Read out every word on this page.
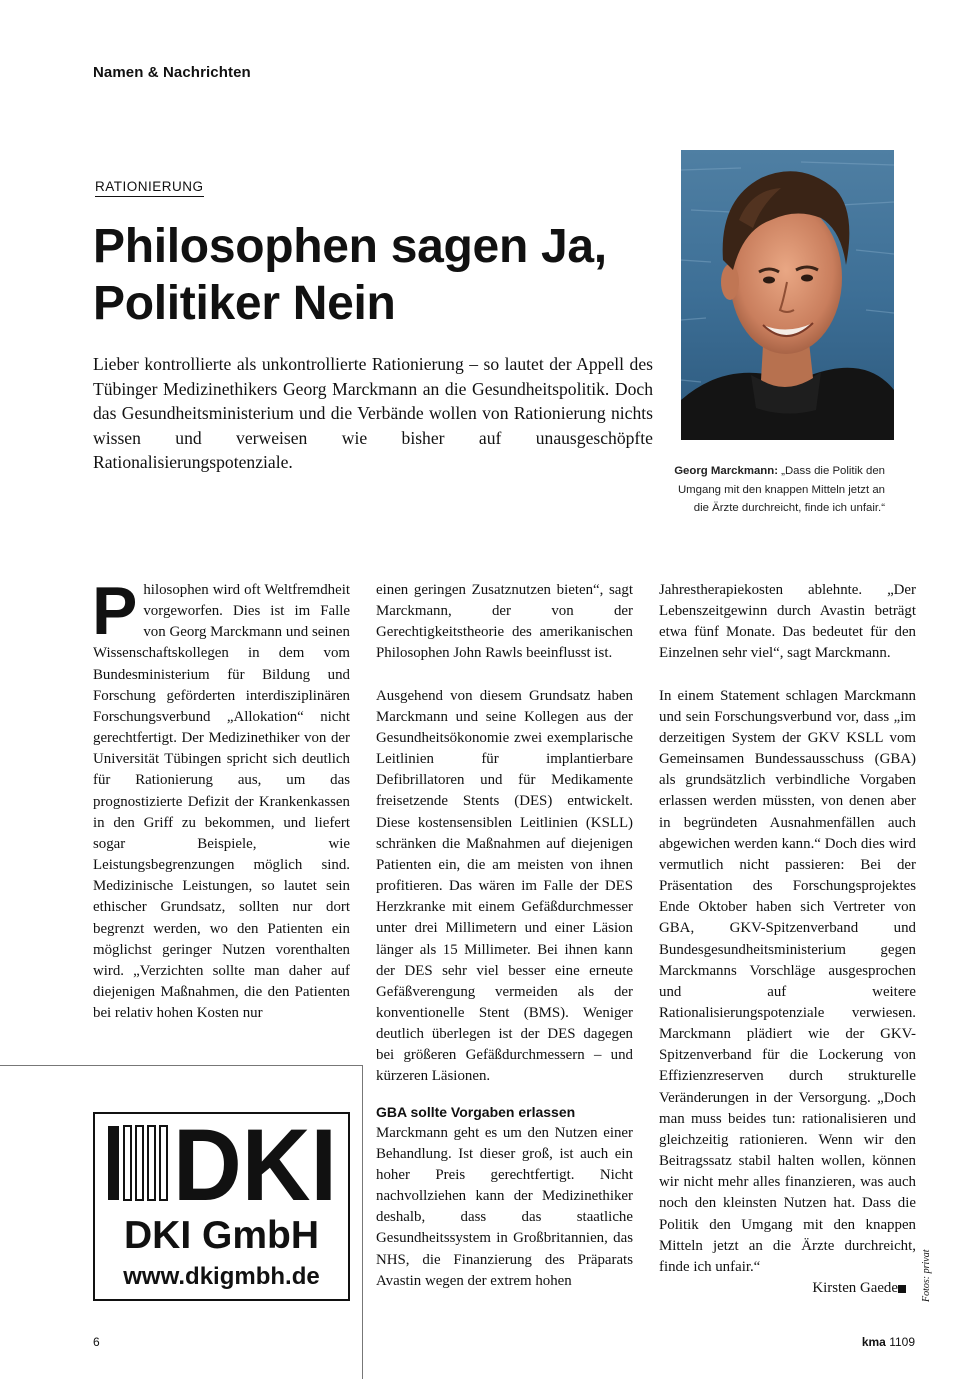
Namen & Nachrichten
RATIONIERUNG
Philosophen sagen Ja,
Politiker Nein

Lieber kontrollierte als unkontrollierte Rationierung – so lautet der Appell des Tübinger Medizinethikers Georg Marckmann an die Gesundheitspolitik. Doch das Gesundheitsministerium und die Verbände wollen von Rationierung nichts wissen und verweisen wie bisher auf unausgeschöpfte Rationalisierungspotenziale.	Georg Marckmann: „Dass die Politik den Umgang mit den knappen Mitteln jetzt an die Ärzte durchreicht, finde ich unfair.“

Philosophen wird oft Weltfremdheit vorgeworfen. Dies ist im Falle von Georg Marckmann und seinen Wissenschaftskollegen in dem vom Bundesministerium für Bildung und Forschung geförderten interdisziplinären Forschungsverbund „Allokation“ nicht gerechtfertigt. Der Medizinethiker von der Universität Tübingen spricht sich deutlich für Rationierung aus, um das prognostizierte Defizit der Krankenkassen in den Griff zu bekommen, und liefert sogar Beispiele, wie Leistungsbegrenzungen möglich sind. Medizinische Leistungen, so lautet sein ethischer Grundsatz, sollten nur dort begrenzt werden, wo den Patienten ein möglichst geringer Nutzen vorenthalten wird. „Verzichten sollte man daher auf diejenigen Maßnahmen, die den Patienten bei relativ hohen Kosten nur

einen geringen Zusatznutzen bieten“, sagt Marckmann, der von der Gerechtigkeitstheorie des amerikanischen Philosophen John Rawls beeinflusst ist.

Ausgehend von diesem Grundsatz haben Marckmann und seine Kollegen aus der Gesundheitsökonomie zwei exemplarische Leitlinien für implantierbare Defibrillatoren und für Medikamente freisetzende Stents (DES) entwickelt. Diese kostensensiblen Leitlinien (KSLL) schränken die Maßnahmen auf diejenigen Patienten ein, die am meisten von ihnen profitieren. Das wären im Falle der DES Herzkranke mit einem Gefäßdurchmesser unter drei Millimetern und einer Läsion länger als 15 Millimeter. Bei ihnen kann der DES sehr viel besser eine erneute Gefäßverengung vermeiden als der konventionelle Stent (BMS). Weniger deutlich überlegen ist der DES dagegen bei größeren Gefäßdurchmessern – und kürzeren Läsionen.

GBA sollte Vorgaben erlassen

Marckmann geht es um den Nutzen einer Behandlung. Ist dieser groß, ist auch ein hoher Preis gerechtfertigt. Nicht nachvollziehen kann der Medizinethiker deshalb, dass das staatliche Gesundheitssystem in Großbritannien, das NHS, die Finanzierung des Präparats Avastin wegen der extrem hohen

Jahrestherapiekosten ablehnte. „Der Lebenszeitgewinn durch Avastin beträgt etwa fünf Monate. Das bedeutet für den Einzelnen sehr viel“, sagt Marckmann.

In einem Statement schlagen Marckmann und sein Forschungsverbund vor, dass „im derzeitigen System der GKV KSLL vom Gemeinsamen Bundessausschuss (GBA) als grundsätzlich verbindliche Vorgaben erlassen werden müssten, von denen aber in begründeten Ausnahmenfällen auch abgewichen werden kann.“ Doch dies wird vermutlich nicht passieren: Bei der Präsentation des Forschungsprojektes Ende Oktober haben sich Vertreter von GBA, GKV-Spitzenverband und Bundesgesundheitsministerium gegen Marckmanns Vorschläge ausgesprochen und auf weitere Rationalisierungspotenziale verwiesen. Marckmann plädiert wie der GKV-Spitzenverband für die Lockerung von Effizienzreserven durch strukturelle Veränderungen in der Versorgung. „Doch man muss beides tun: rationalisieren und gleichzeitig rationieren. Wenn wir den Beitragssatz stabil halten wollen, können wir nicht mehr alles finanzieren, was auch noch den kleinsten Nutzen hat. Dass die Politik den Umgang mit den knappen Mitteln jetzt an die Ärzte durchreicht, finde ich unfair.“

Kirsten Gaede

DKI
DKI GmbH
www.dkigmbh.de	Fotos: privat
6	kma 1109
